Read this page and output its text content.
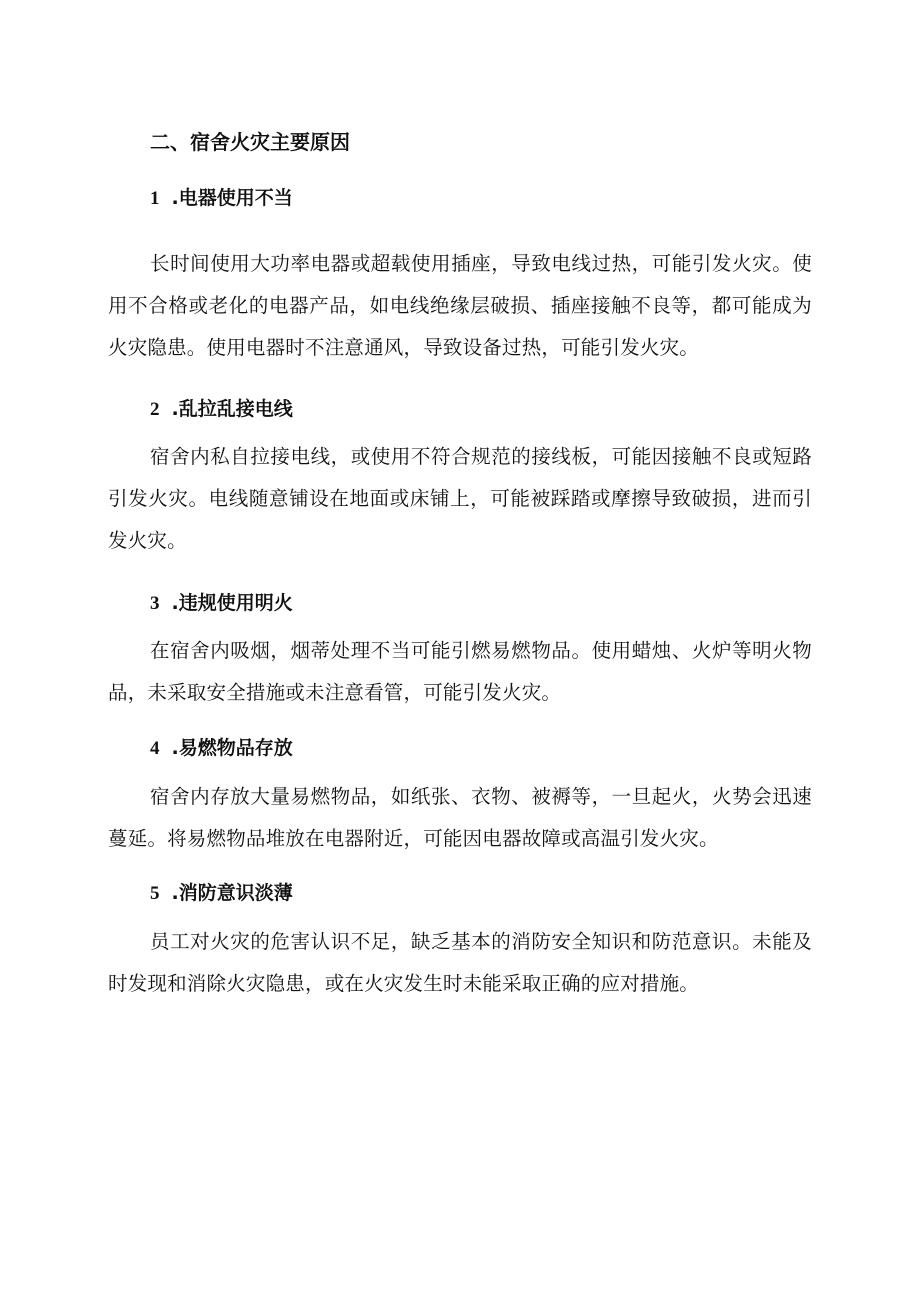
二、宿舍火灾主要原因
1 .电器使用不当
长时间使用大功率电器或超载使用插座，导致电线过热，可能引发火灾。使用不合格或老化的电器产品，如电线绝缘层破损、插座接触不良等，都可能成为火灾隐患。使用电器时不注意通风，导致设备过热，可能引发火灾。
2 .乱拉乱接电线
宿舍内私自拉接电线，或使用不符合规范的接线板，可能因接触不良或短路引发火灾。电线随意铺设在地面或床铺上，可能被踩踏或摩擦导致破损，进而引发火灾。
3 .违规使用明火
在宿舍内吸烟，烟蒂处理不当可能引燃易燃物品。使用蜡烛、火炉等明火物品，未采取安全措施或未注意看管，可能引发火灾。
4 .易燃物品存放
宿舍内存放大量易燃物品，如纸张、衣物、被褥等，一旦起火，火势会迅速蔓延。将易燃物品堆放在电器附近，可能因电器故障或高温引发火灾。
5 .消防意识淡薄
员工对火灾的危害认识不足，缺乏基本的消防安全知识和防范意识。未能及时发现和消除火灾隐患，或在火灾发生时未能采取正确的应对措施。
